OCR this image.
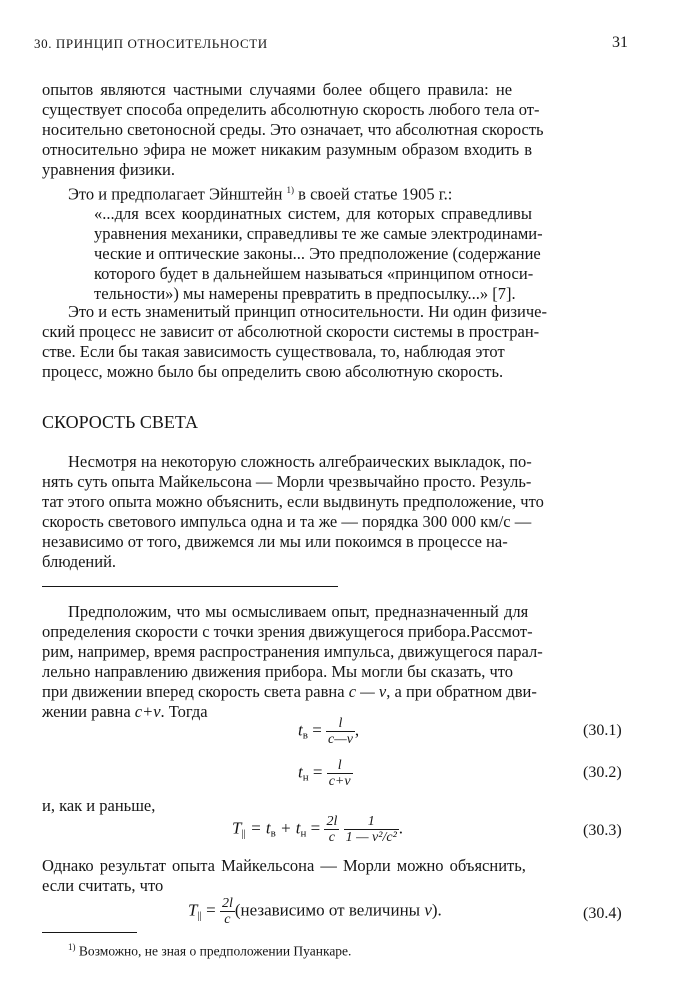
30. ПРИНЦИП ОТНОСИТЕЛЬНОСТИ	31
опытов являются частными случаями более общего правила: не
существует способа определить абсолютную скорость любого тела от-
носительно светоносной среды. Это означает, что абсолютная скорость
относительно эфира не может никаким разумным образом входить в
уравнения физики.
Это и предполагает Эйнштейн $^{1)}$ в своей статье 1905 г.:
«...для всех координатных систем, для которых справедливы
уравнения механики, справедливы те же самые электродинами-
ческие и оптические законы... Это предположение (содержание
которого будет в дальнейшем называться «принципом относи-
тельности») мы намерены превратить в предпосылку...» [7].
Это и есть знаменитый принцип относительности. Ни один физиче-
ский процесс не зависит от абсолютной скорости системы в простран-
стве. Если бы такая зависимость существовала, то, наблюдая этот
процесс, можно было бы определить свою абсолютную скорость.
СКОРОСТЬ СВЕТА
Несмотря на некоторую сложность алгебраических выкладок, по-
нять суть опыта Майкельсона — Морли чрезвычайно просто. Резуль-
тат этого опыта можно объяснить, если выдвинуть предположение, что
скорость светового импульса одна и та же — порядка 300 000 км/с —
независимо от того, движемся ли мы или покоимся в процессе на-
блюдений.
Предположим, что мы осмысливаем опыт, предназначенный для
определения скорости с точки зрения движущегося прибора.Рассмот-
рим, например, время распространения импульса, движущегося парал-
лельно направлению движения прибора. Мы могли бы сказать, что
при движении вперед скорость света равна c — v, а при обратном дви-
жении равна c+v. Тогда
$t_в = \frac{l}{c—v}$ ,	(30.1)
$t_н = \frac{l}{c+v}$	(30.2)
и, как и раньше,
$T_{||} = t_в + t_н = \frac{2l}{c}$
$\frac{1}{\text{1 — v²/c²}}$ .	(30.3)
Однако результат опыта Майкельсона — Морли можно объяснить,
если считать, что
$T_{||} = \frac{2l}{c}$ (независимо от величины v).	(30.4)
$^{1)}$ Возможно, не зная о предположении Пуанкаре.
